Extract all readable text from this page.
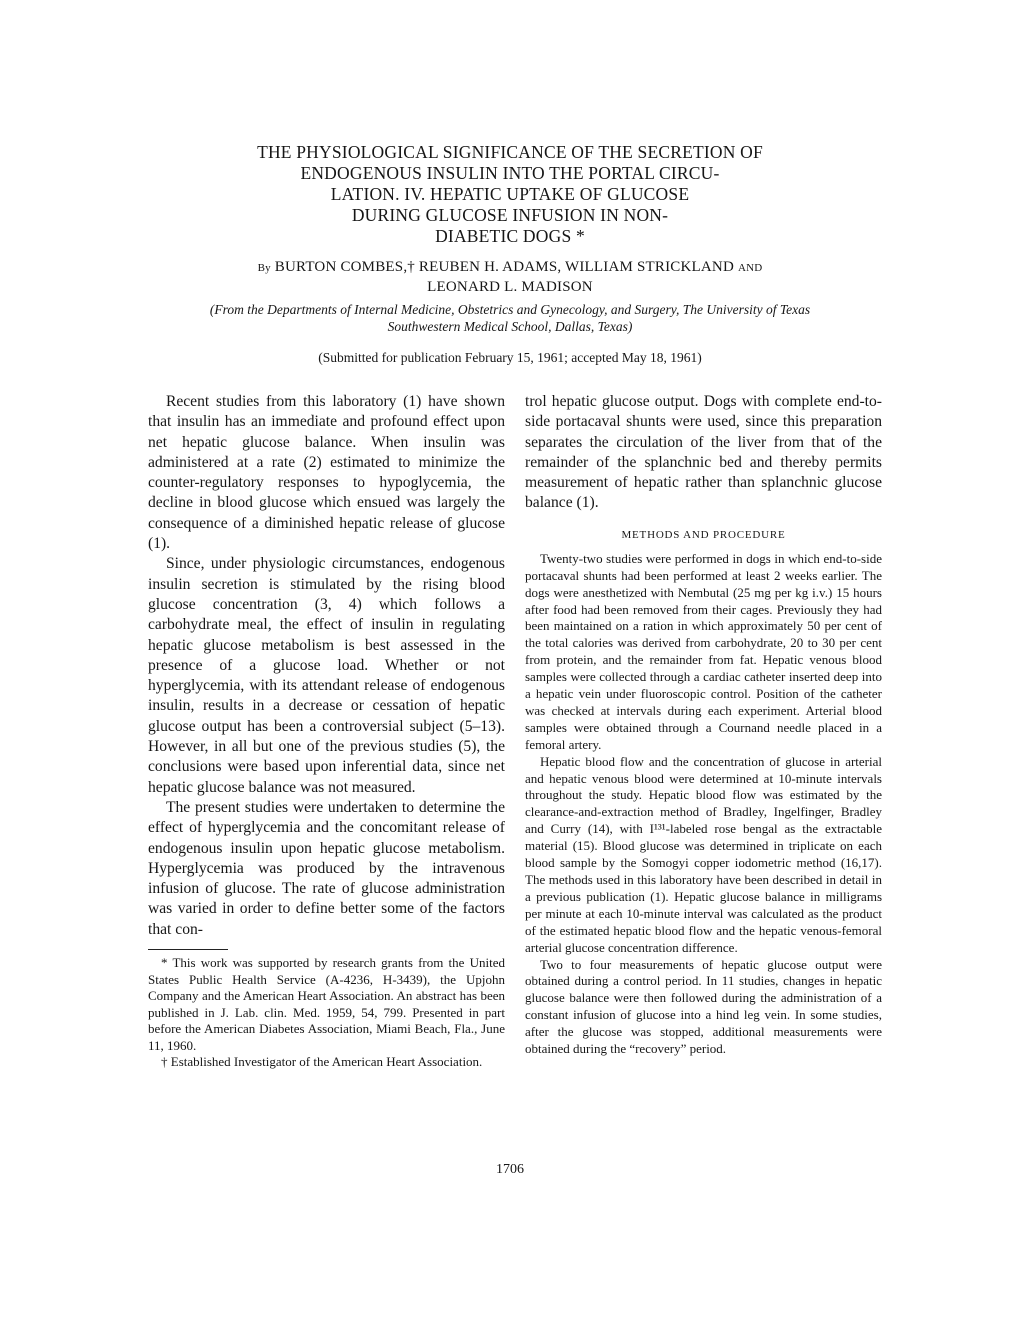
THE PHYSIOLOGICAL SIGNIFICANCE OF THE SECRETION OF
ENDOGENOUS INSULIN INTO THE PORTAL CIRCU-
LATION. IV. HEPATIC UPTAKE OF GLUCOSE
DURING GLUCOSE INFUSION IN NON-
DIABETIC DOGS *
By BURTON COMBES,† REUBEN H. ADAMS, WILLIAM STRICKLAND AND
LEONARD L. MADISON
(From the Departments of Internal Medicine, Obstetrics and Gynecology, and Surgery, The University of Texas Southwestern Medical School, Dallas, Texas)
(Submitted for publication February 15, 1961; accepted May 18, 1961)

Recent studies from this laboratory (1) have shown that insulin has an immediate and profound effect upon net hepatic glucose balance. When insulin was administered at a rate (2) estimated to minimize the counter-regulatory responses to hypoglycemia, the decline in blood glucose which ensued was largely the consequence of a diminished hepatic release of glucose (1).

Since, under physiologic circumstances, endogenous insulin secretion is stimulated by the rising blood glucose concentration (3, 4) which follows a carbohydrate meal, the effect of insulin in regulating hepatic glucose metabolism is best assessed in the presence of a glucose load. Whether or not hyperglycemia, with its attendant release of endogenous insulin, results in a decrease or cessation of hepatic glucose output has been a controversial subject (5–13). However, in all but one of the previous studies (5), the conclusions were based upon inferential data, since net hepatic glucose balance was not measured.

The present studies were undertaken to determine the effect of hyperglycemia and the concomitant release of endogenous insulin upon hepatic glucose metabolism. Hyperglycemia was produced by the intravenous infusion of glucose. The rate of glucose administration was varied in order to define better some of the factors that con-

* This work was supported by research grants from the United States Public Health Service (A-4236, H-3439), the Upjohn Company and the American Heart Association. An abstract has been published in J. Lab. clin. Med. 1959, 54, 799. Presented in part before the American Diabetes Association, Miami Beach, Fla., June 11, 1960.

† Established Investigator of the American Heart Association.

trol hepatic glucose output. Dogs with complete end-to-side portacaval shunts were used, since this preparation separates the circulation of the liver from that of the remainder of the splanchnic bed and thereby permits measurement of hepatic rather than splanchnic glucose balance (1).

METHODS AND PROCEDURE

Twenty-two studies were performed in dogs in which end-to-side portacaval shunts had been performed at least 2 weeks earlier. The dogs were anesthetized with Nembutal (25 mg per kg i.v.) 15 hours after food had been removed from their cages. Previously they had been maintained on a ration in which approximately 50 per cent of the total calories was derived from carbohydrate, 20 to 30 per cent from protein, and the remainder from fat. Hepatic venous blood samples were collected through a cardiac catheter inserted deep into a hepatic vein under fluoroscopic control. Position of the catheter was checked at intervals during each experiment. Arterial blood samples were obtained through a Cournand needle placed in a femoral artery.

Hepatic blood flow and the concentration of glucose in arterial and hepatic venous blood were determined at 10-minute intervals throughout the study. Hepatic blood flow was estimated by the clearance-and-extraction method of Bradley, Ingelfinger, Bradley and Curry (14), with I¹³¹-labeled rose bengal as the extractable material (15). Blood glucose was determined in triplicate on each blood sample by the Somogyi copper iodometric method (16,17). The methods used in this laboratory have been described in detail in a previous publication (1). Hepatic glucose balance in milligrams per minute at each 10-minute interval was calculated as the product of the estimated hepatic blood flow and the hepatic venous-femoral arterial glucose concentration difference.

Two to four measurements of hepatic glucose output were obtained during a control period. In 11 studies, changes in hepatic glucose balance were then followed during the administration of a constant infusion of glucose into a hind leg vein. In some studies, after the glucose was stopped, additional measurements were obtained during the “recovery” period.

1706
